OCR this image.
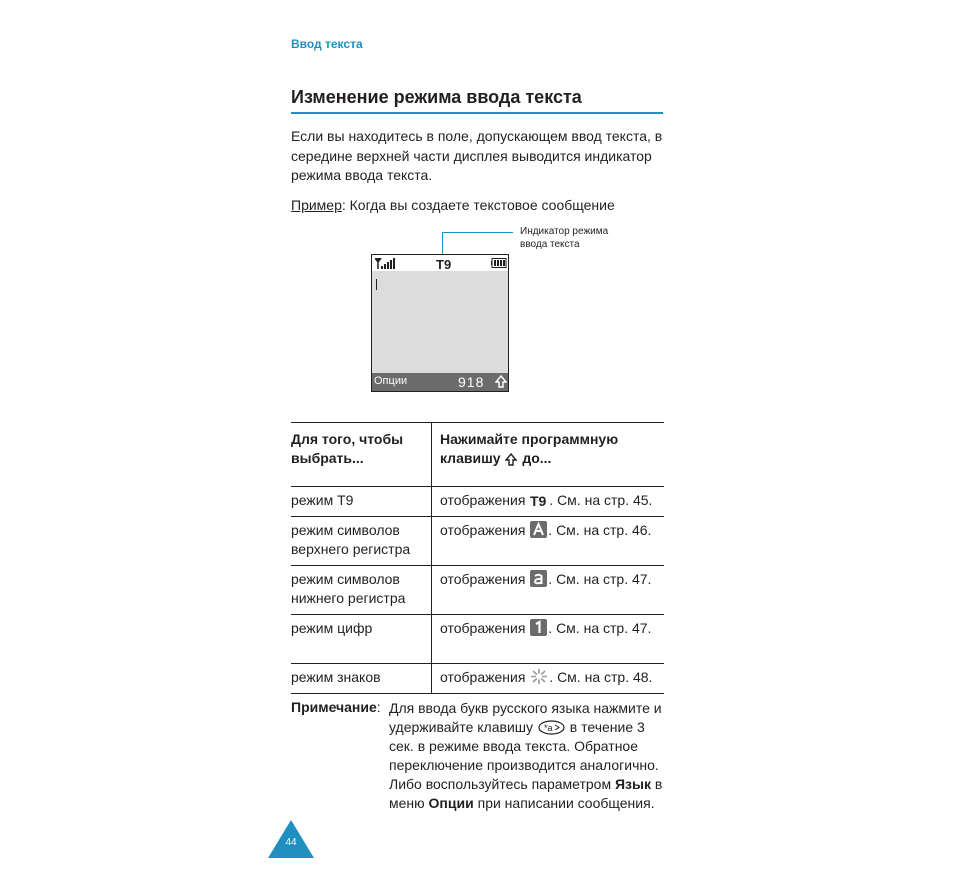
Ввод текста
Изменение режима ввода текста
Если вы находитесь в поле, допускающем ввод текста, в середине верхней части дисплея выводится индикатор режима ввода текста.
Пример: Когда вы создаете текстовое сообщение
Индикатор режима ввода текста
T9
Опции	918
Для того, чтобы выбрать...	Нажимайте программную клавишу до...
режим T9	отображения T9 . См. на стр. 45.
режим символов верхнего регистра	отображения . См. на стр. 46.
режим символов нижнего регистра	отображения . См. на стр. 47.
режим цифр	отображения . См. на стр. 47.
режим знаков	отображения . См. на стр. 48.
Примечание: Для ввода букв русского языка нажмите и удерживайте клавишу *a в течение 3 сек. в режиме ввода текста. Обратное переключение производится аналогично. Либо воспользуйтесь параметром Язык в меню Опции при написании сообщения.
44
